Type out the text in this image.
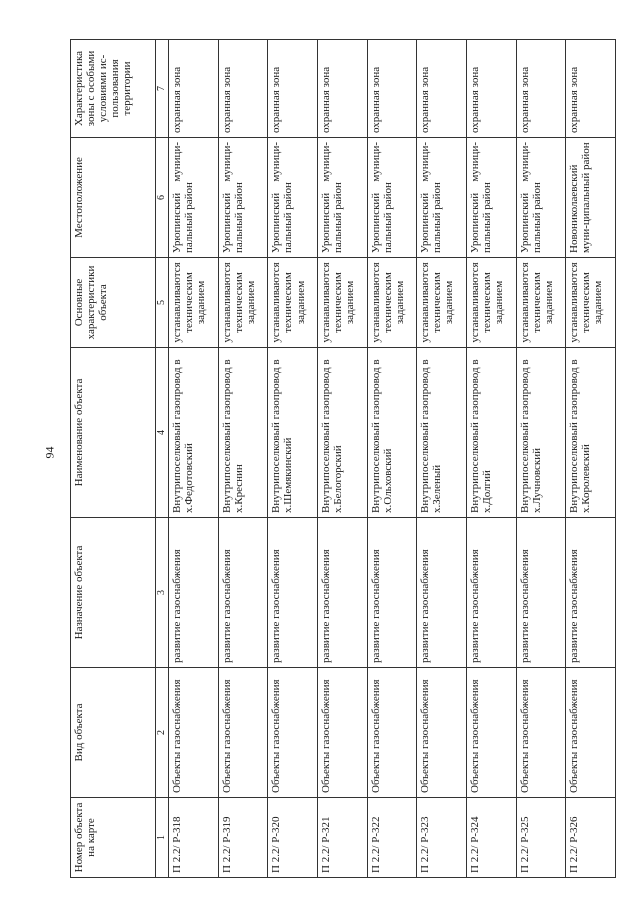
94
Номер объекта на карте	Вид объекта	Назначение объекта	Наименование объекта	Основные характеристики объекта	Местоположение	Характеристика зоны с особыми условиями ис-пользования территории
1	2	3	4	5	6	7
П 2.2/ Р-318	Объекты газоснабжения	развитие газоснабжения	Внутрипоселковый газопровод в х.Федотовский	устанавливаются техническим заданием	Урюпинский муници-пальный район	охранная зона
П 2.2/ Р-319	Объекты газоснабжения	развитие газоснабжения	Внутрипоселковый газопровод в х.Креснин	устанавливаются техническим заданием	Урюпинский муници-пальный район	охранная зона
П 2.2/ Р-320	Объекты газоснабжения	развитие газоснабжения	Внутрипоселковый газопровод в х.Шемякинский	устанавливаются техническим заданием	Урюпинский муници-пальный район	охранная зона
П 2.2/ Р-321	Объекты газоснабжения	развитие газоснабжения	Внутрипоселковый газопровод в х.Белогорский	устанавливаются техническим заданием	Урюпинский муници-пальный район	охранная зона
П 2.2/ Р-322	Объекты газоснабжения	развитие газоснабжения	Внутрипоселковый газопровод в х.Ольховский	устанавливаются техническим заданием	Урюпинский муници-пальный район	охранная зона
П 2.2/ Р-323	Объекты газоснабжения	развитие газоснабжения	Внутрипоселковый газопровод в х.Зеленый	устанавливаются техническим заданием	Урюпинский муници-пальный район	охранная зона
П 2.2/ Р-324	Объекты газоснабжения	развитие газоснабжения	Внутрипоселковый газопровод в х.Долгий	устанавливаются техническим заданием	Урюпинский муници-пальный район	охранная зона
П 2.2/ Р-325	Объекты газоснабжения	развитие газоснабжения	Внутрипоселковый газопровод в х.Лучновский	устанавливаются техническим заданием	Урюпинский муници-пальный район	охранная зона
П 2.2/ Р-326	Объекты газоснабжения	развитие газоснабжения	Внутрипоселковый газопровод в х.Королевский	устанавливаются техническим заданием	Новониколаевский муни-ципальный район	охранная зона
